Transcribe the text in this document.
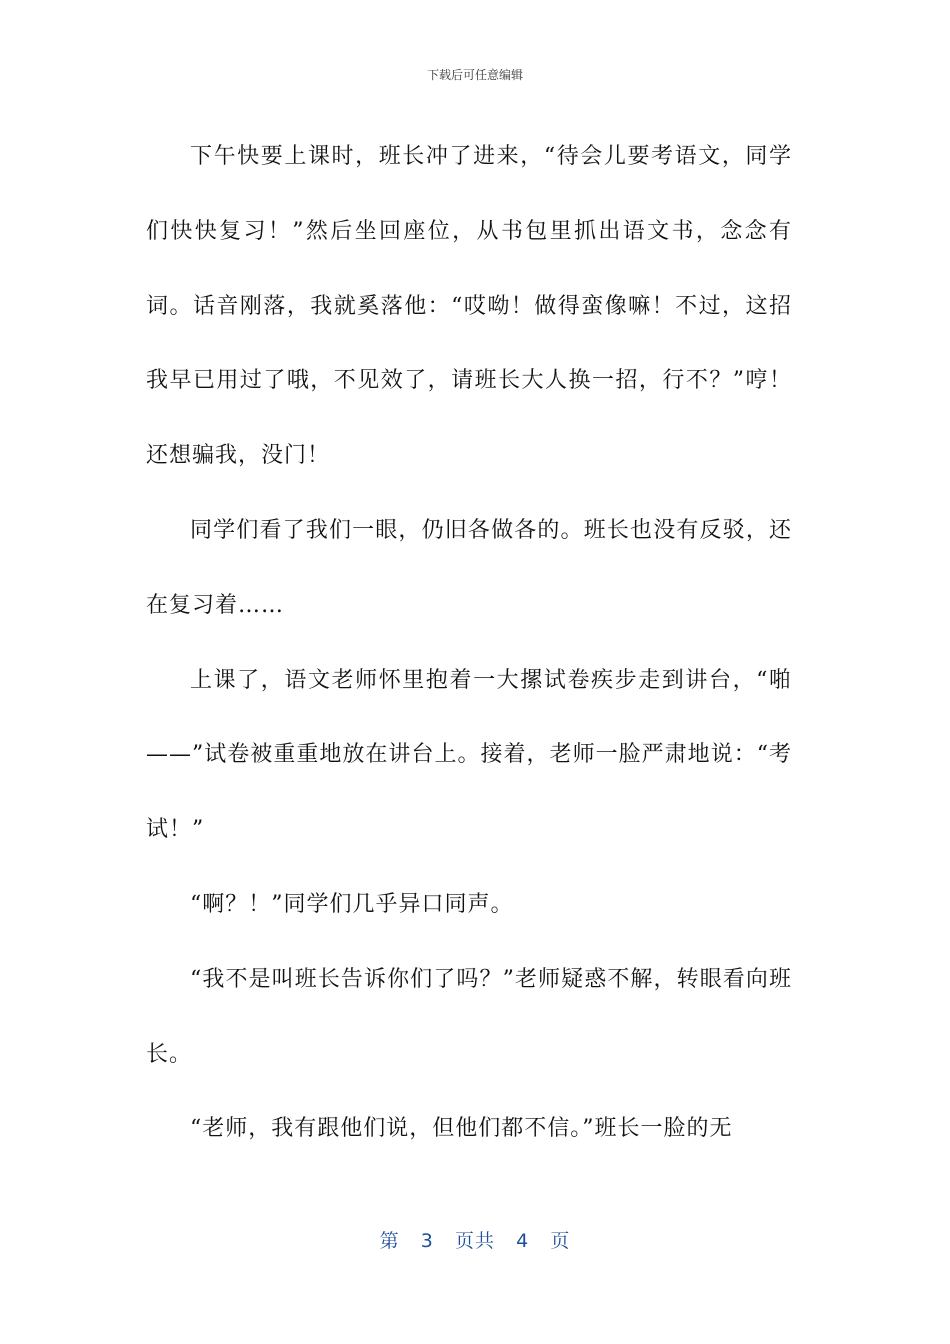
下载后可任意编辑

下午快要上课时，班长冲了进来，“待会儿要考语文，同学们快快复习！”然后坐回座位，从书包里抓出语文书，念念有词。话音刚落，我就奚落他：“哎呦！做得蛮像嘛！不过，这招我早已用过了哦，不见效了，请班长大人换一招，行不？”哼！还想骗我，没门！

同学们看了我们一眼，仍旧各做各的。班长也没有反驳，还在复习着……

上课了，语文老师怀里抱着一大摞试卷疾步走到讲台，“啪——”试卷被重重地放在讲台上。接着，老师一脸严肃地说：“考试！”

“啊？！”同学们几乎异口同声。

“我不是叫班长告诉你们了吗？”老师疑惑不解，转眼看向班长。

“老师，我有跟他们说，但他们都不信。”班长一脸的无

第 3 页共 4 页
